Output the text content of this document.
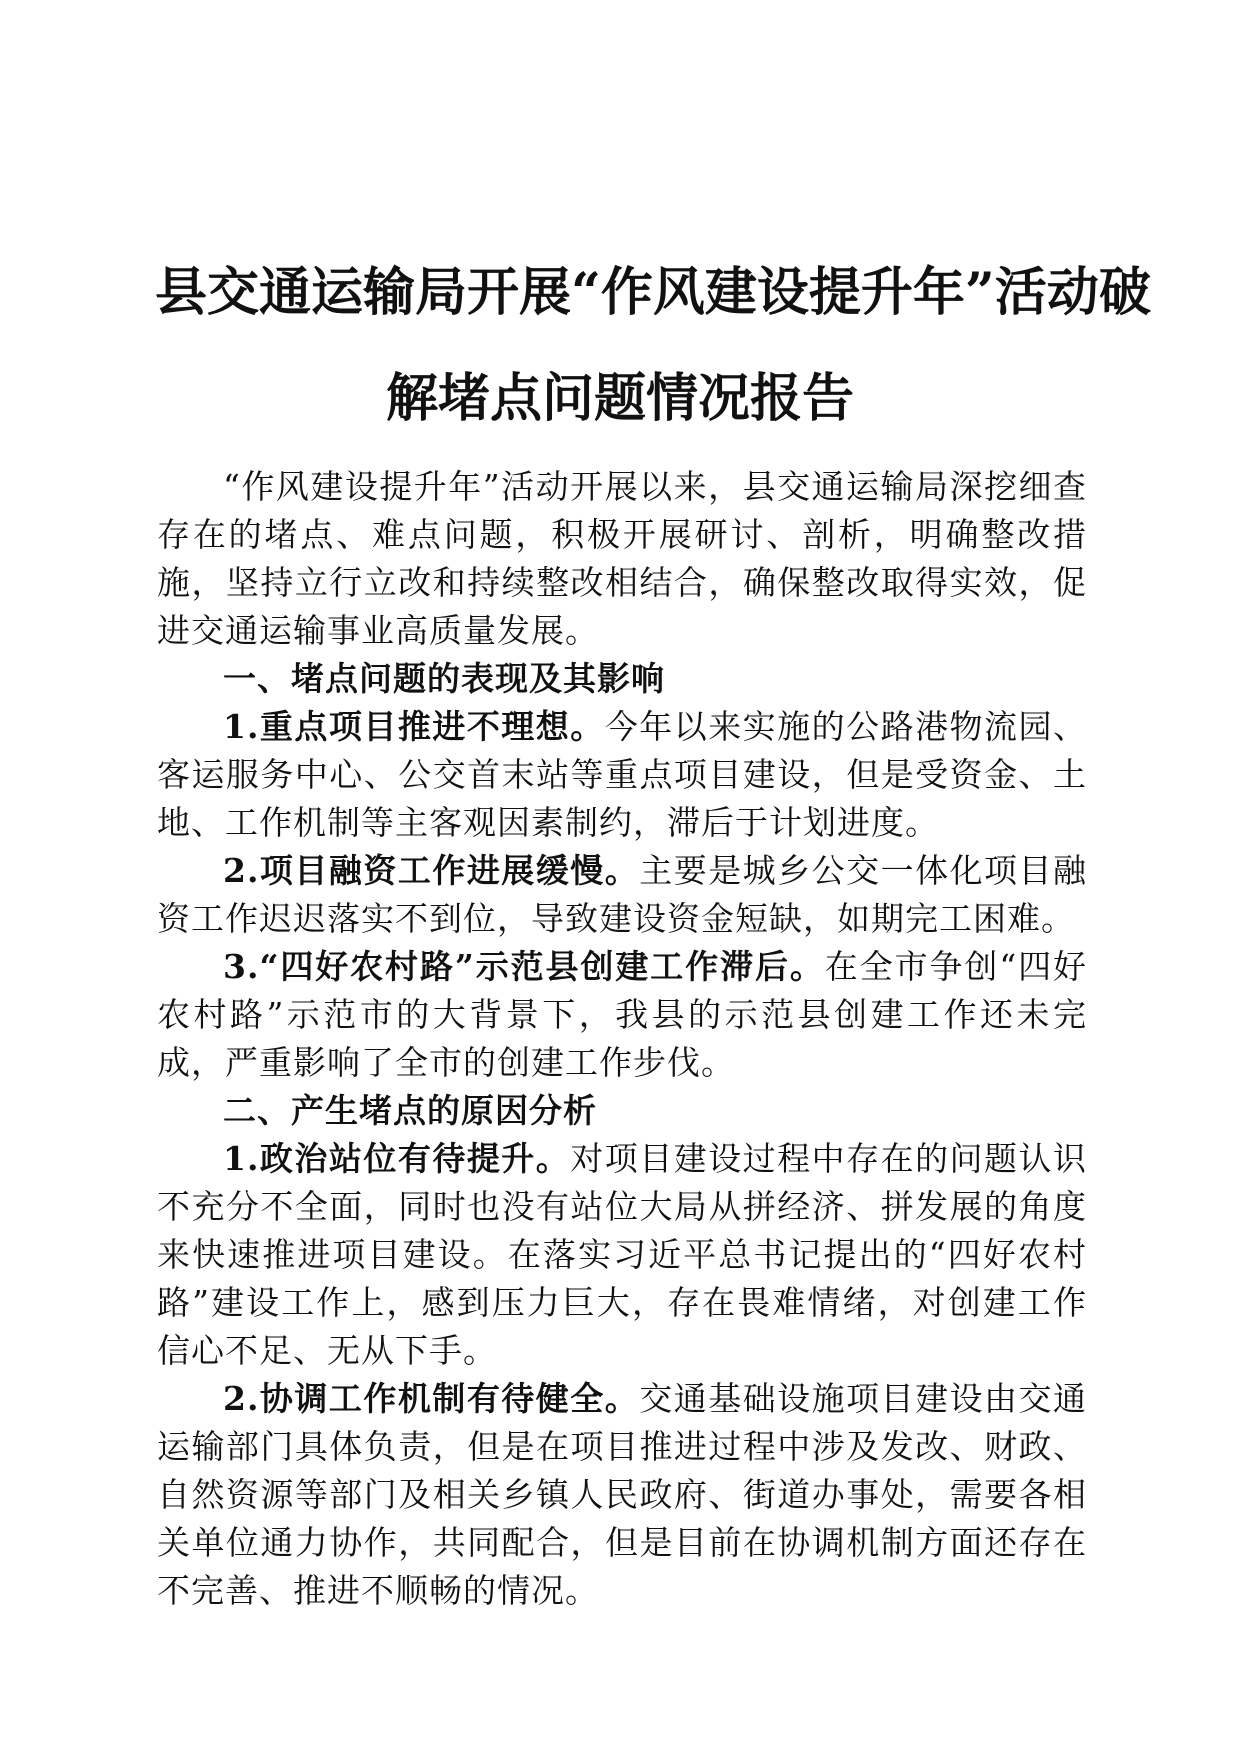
县交通运输局开展“作风建设提升年”活动破
解堵点问题情况报告

“作风建设提升年”活动开展以来，县交通运输局深挖细查存在的堵点、难点问题，积极开展研讨、剖析，明确整改措施，坚持立行立改和持续整改相结合，确保整改取得实效，促进交通运输事业高质量发展。

一、堵点问题的表现及其影响

1.重点项目推进不理想。今年以来实施的公路港物流园、客运服务中心、公交首末站等重点项目建设，但是受资金、土地、工作机制等主客观因素制约，滞后于计划进度。

2.项目融资工作进展缓慢。主要是城乡公交一体化项目融资工作迟迟落实不到位，导致建设资金短缺，如期完工困难。

3.“四好农村路”示范县创建工作滞后。在全市争创“四好农村路”示范市的大背景下，我县的示范县创建工作还未完成，严重影响了全市的创建工作步伐。

二、产生堵点的原因分析

1.政治站位有待提升。对项目建设过程中存在的问题认识不充分不全面，同时也没有站位大局从拼经济、拼发展的角度来快速推进项目建设。在落实习近平总书记提出的“四好农村路”建设工作上，感到压力巨大，存在畏难情绪，对创建工作信心不足、无从下手。

2.协调工作机制有待健全。交通基础设施项目建设由交通运输部门具体负责，但是在项目推进过程中涉及发改、财政、自然资源等部门及相关乡镇人民政府、街道办事处，需要各相关单位通力协作，共同配合，但是目前在协调机制方面还存在不完善、推进不顺畅的情况。
